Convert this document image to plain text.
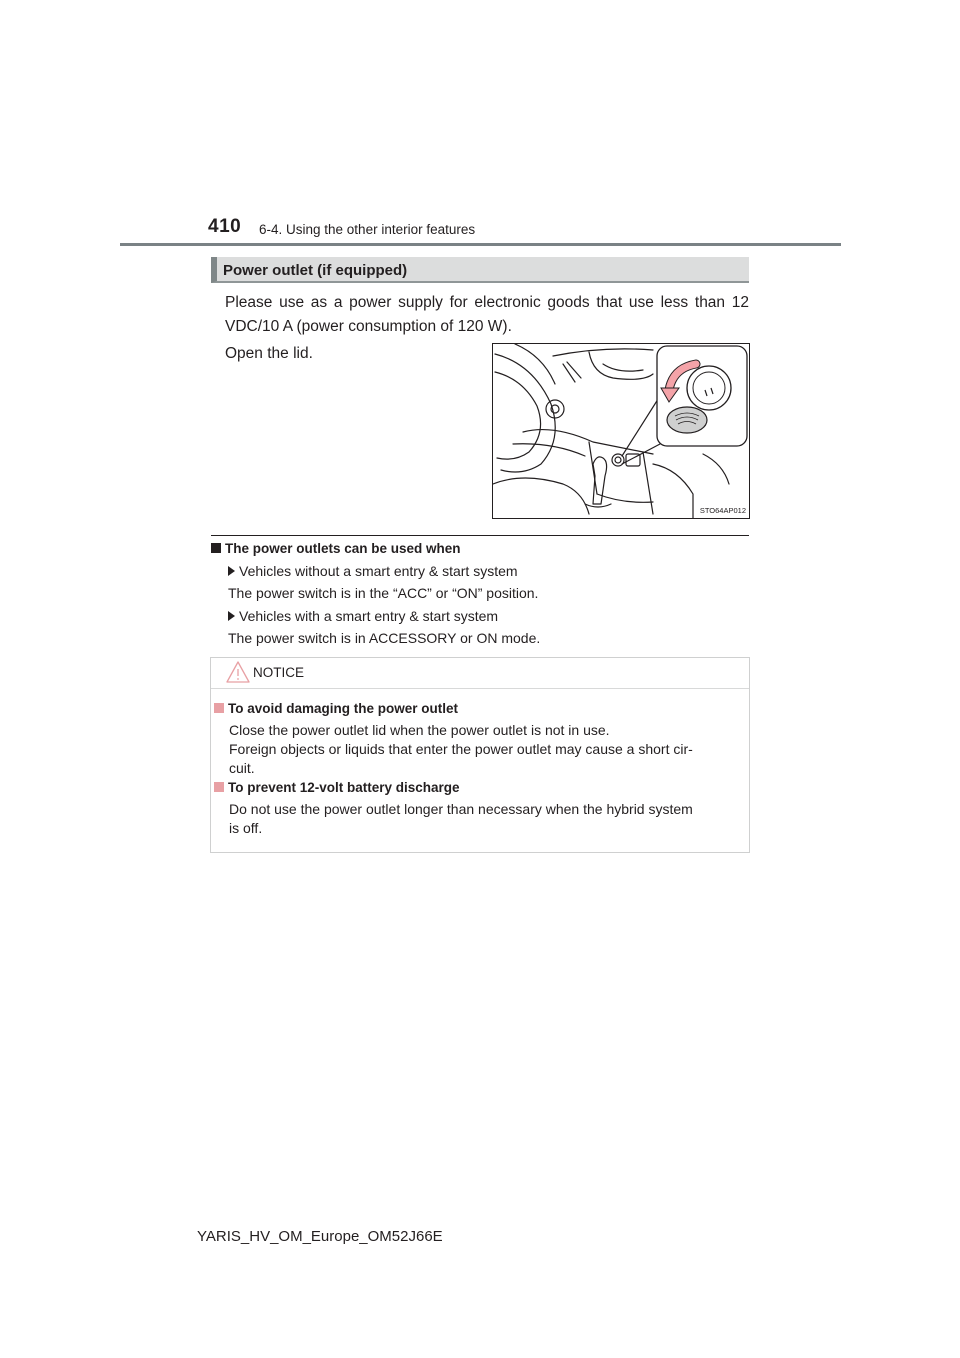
410 6-4. Using the other interior features
Power outlet (if equipped)
Please use as a power supply for electronic goods that use less than 12 VDC/10 A (power consumption of 120 W).
Open the lid.
STO64AP012
The power outlets can be used when
Vehicles without a smart entry & start system
The power switch is in the “ACC” or “ON” position.
Vehicles with a smart entry & start system
The power switch is in ACCESSORY or ON mode.
NOTICE
To avoid damaging the power outlet
Close the power outlet lid when the power outlet is not in use.
Foreign objects or liquids that enter the power outlet may cause a short cir-
cuit.
To prevent 12-volt battery discharge
Do not use the power outlet longer than necessary when the hybrid system
is off.
YARIS_HV_OM_Europe_OM52J66E
